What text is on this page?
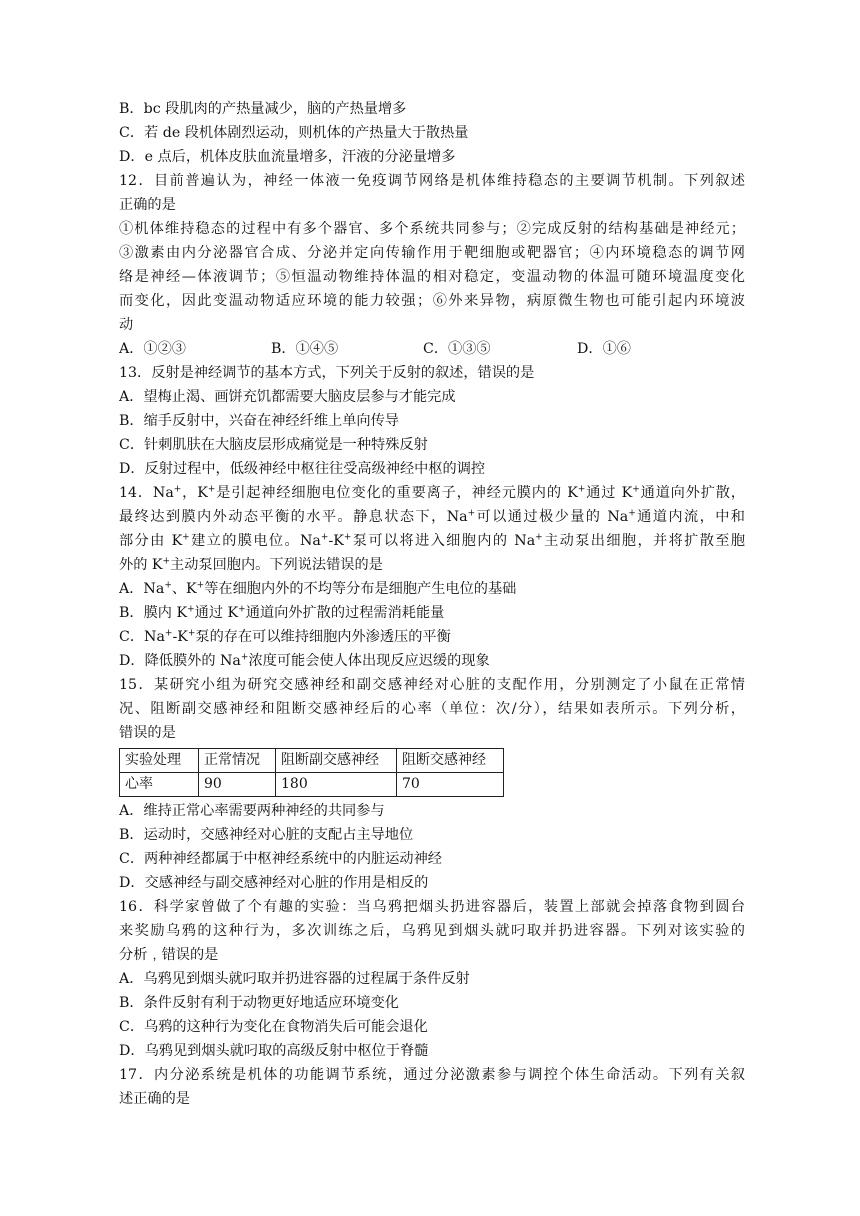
B．bc 段肌肉的产热量减少，脑的产热量增多
C．若 de 段机体剧烈运动，则机体的产热量大于散热量
D．e 点后，机体皮肤血流量增多，汗液的分泌量增多
12．目前普遍认为，神经一体液一免疫调节网络是机体维持稳态的主要调节机制。下列叙述
正确的是
①机体维持稳态的过程中有多个器官、多个系统共同参与；②完成反射的结构基础是神经元；
③激素由内分泌器官合成、分泌并定向传输作用于靶细胞或靶器官；④内环境稳态的调节网
络是神经—体液调节；⑤恒温动物维持体温的相对稳定，变温动物的体温可随环境温度变化
而变化，因此变温动物适应环境的能力较强；⑥外来异物，病原微生物也可能引起内环境波
动
A．①②③	B．①④⑤	C．①③⑤	D．①⑥
13．反射是神经调节的基本方式，下列关于反射的叙述，错误的是
A．望梅止渴、画饼充饥都需要大脑皮层参与才能完成
B．缩手反射中，兴奋在神经纤维上单向传导
C．针刺肌肤在大脑皮层形成痛觉是一种特殊反射
D．反射过程中，低级神经中枢往往受高级神经中枢的调控
14．Na+，K+是引起神经细胞电位变化的重要离子，神经元膜内的 K+通过 K+通道向外扩散，
最终达到膜内外动态平衡的水平。静息状态下，Na+可以通过极少量的 Na+通道内流，中和
部分由 K+建立的膜电位。Na+-K+泵可以将进入细胞内的 Na+主动泵出细胞，并将扩散至胞
外的 K+主动泵回胞内。下列说法错误的是
A．Na+、K+等在细胞内外的不均等分布是细胞产生电位的基础
B．膜内 K+通过 K+通道向外扩散的过程需消耗能量
C．Na+-K+泵的存在可以维持细胞内外渗透压的平衡
D．降低膜外的 Na+浓度可能会使人体出现反应迟缓的现象
15．某研究小组为研究交感神经和副交感神经对心脏的支配作用，分别测定了小鼠在正常情
况、阻断副交感神经和阻断交感神经后的心率（单位：次/分），结果如表所示。下列分析，
错误的是
实验处理	正常情况	阻断副交感神经	阻断交感神经
心率	90	180	70
A．维持正常心率需要两种神经的共同参与
B．运动时，交感神经对心脏的支配占主导地位
C．两种神经都属于中枢神经系统中的内脏运动神经
D．交感神经与副交感神经对心脏的作用是相反的
16．科学家曾做了个有趣的实验：当乌鸦把烟头扔进容器后，装置上部就会掉落食物到圆台
来奖励乌鸦的这种行为，多次训练之后，乌鸦见到烟头就叼取并扔进容器。下列对该实验的
分析﹐错误的是
A．乌鸦见到烟头就叼取并扔进容器的过程属于条件反射
B．条件反射有利于动物更好地适应环境变化
C．乌鸦的这种行为变化在食物消失后可能会退化
D．乌鸦见到烟头就叼取的高级反射中枢位于脊髓
17．内分泌系统是机体的功能调节系统，通过分泌激素参与调控个体生命活动。下列有关叙
述正确的是
